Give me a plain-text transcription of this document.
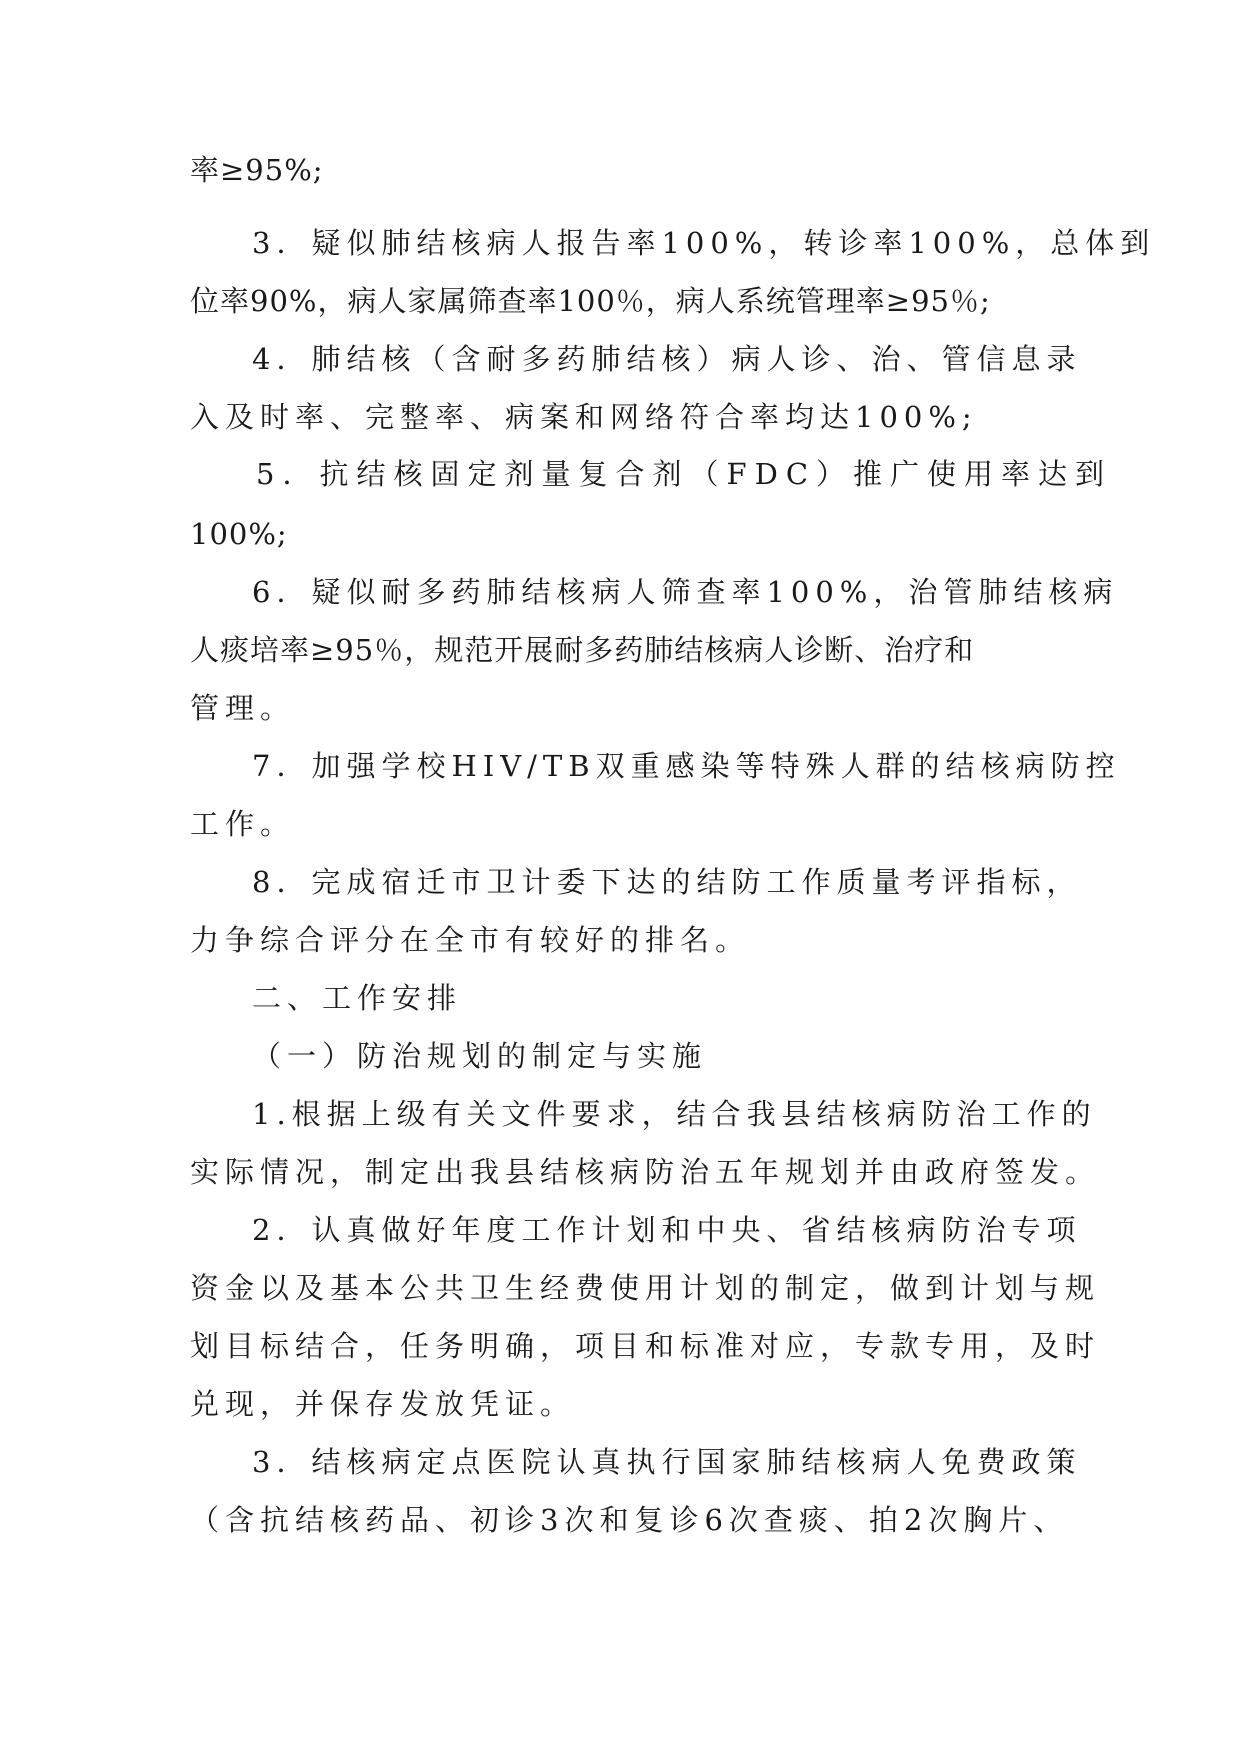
率≥95%;
3．疑似肺结核病人报告率100%，转诊率100%，总体到
位率90%，病人家属筛查率100％，病人系统管理率≥95％;
4．肺结核（含耐多药肺结核）病人诊、治、管信息录
入及时率、完整率、病案和网络符合率均达100%;
5．抗结核固定剂量复合剂（FDC）推广使用率达到
100%;
6．疑似耐多药肺结核病人筛查率100%，治管肺结核病
人痰培率≥95％，规范开展耐多药肺结核病人诊断、治疗和
管理。
7．加强学校HIV/TB双重感染等特殊人群的结核病防控
工作。
8．完成宿迁市卫计委下达的结防工作质量考评指标，
力争综合评分在全市有较好的排名。
二、工作安排
（一）防治规划的制定与实施
1.根据上级有关文件要求，结合我县结核病防治工作的
实际情况，制定出我县结核病防治五年规划并由政府签发。
2．认真做好年度工作计划和中央、省结核病防治专项
资金以及基本公共卫生经费使用计划的制定，做到计划与规
划目标结合，任务明确，项目和标准对应，专款专用，及时
兑现，并保存发放凭证。
3．结核病定点医院认真执行国家肺结核病人免费政策
（含抗结核药品、初诊3次和复诊6次查痰、拍2次胸片、
